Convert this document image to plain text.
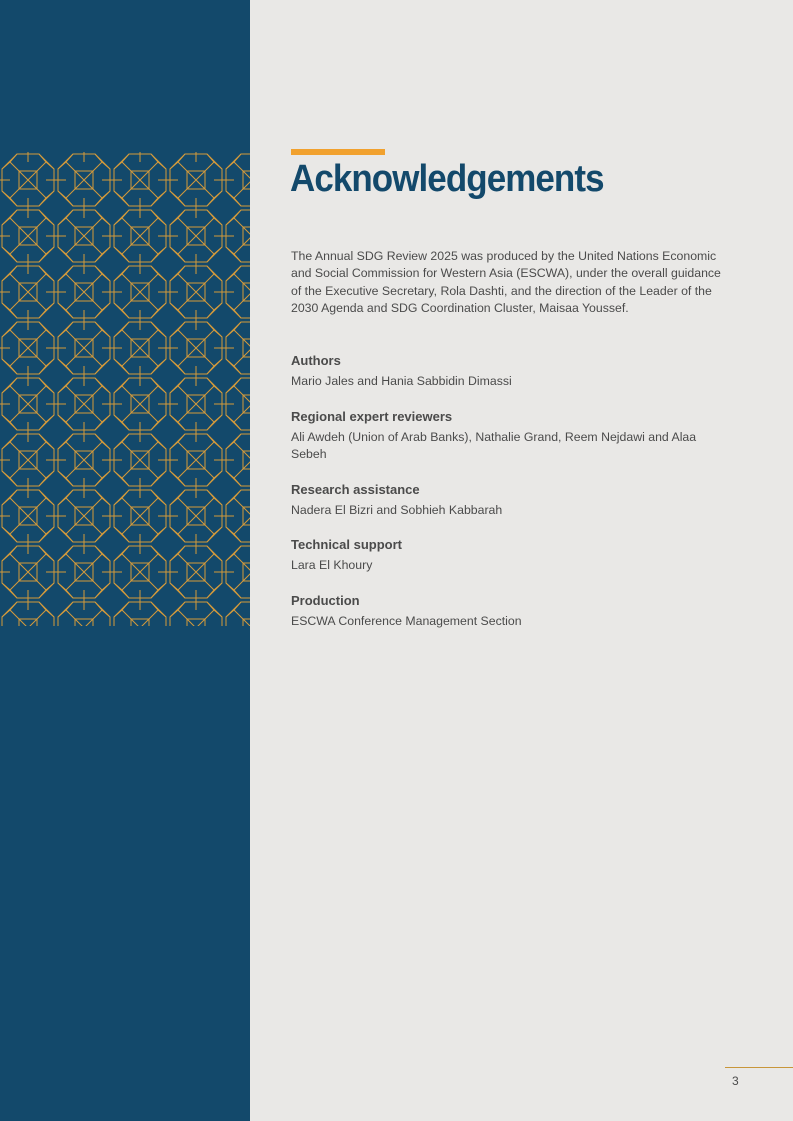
Acknowledgements

The Annual SDG Review 2025 was produced by the United Nations Economic and Social Commission for Western Asia (ESCWA), under the overall guidance of the Executive Secretary, Rola Dashti, and the direction of the Leader of the 2030 Agenda and SDG Coordination Cluster, Maisaa Youssef.

Authors

Mario Jales and Hania Sabbidin Dimassi

Regional expert reviewers

Ali Awdeh (Union of Arab Banks), Nathalie Grand, Reem Nejdawi and Alaa Sebeh

Research assistance

Nadera El Bizri and Sobhieh Kabbarah

Technical support

Lara El Khoury

Production

ESCWA Conference Management Section

3
